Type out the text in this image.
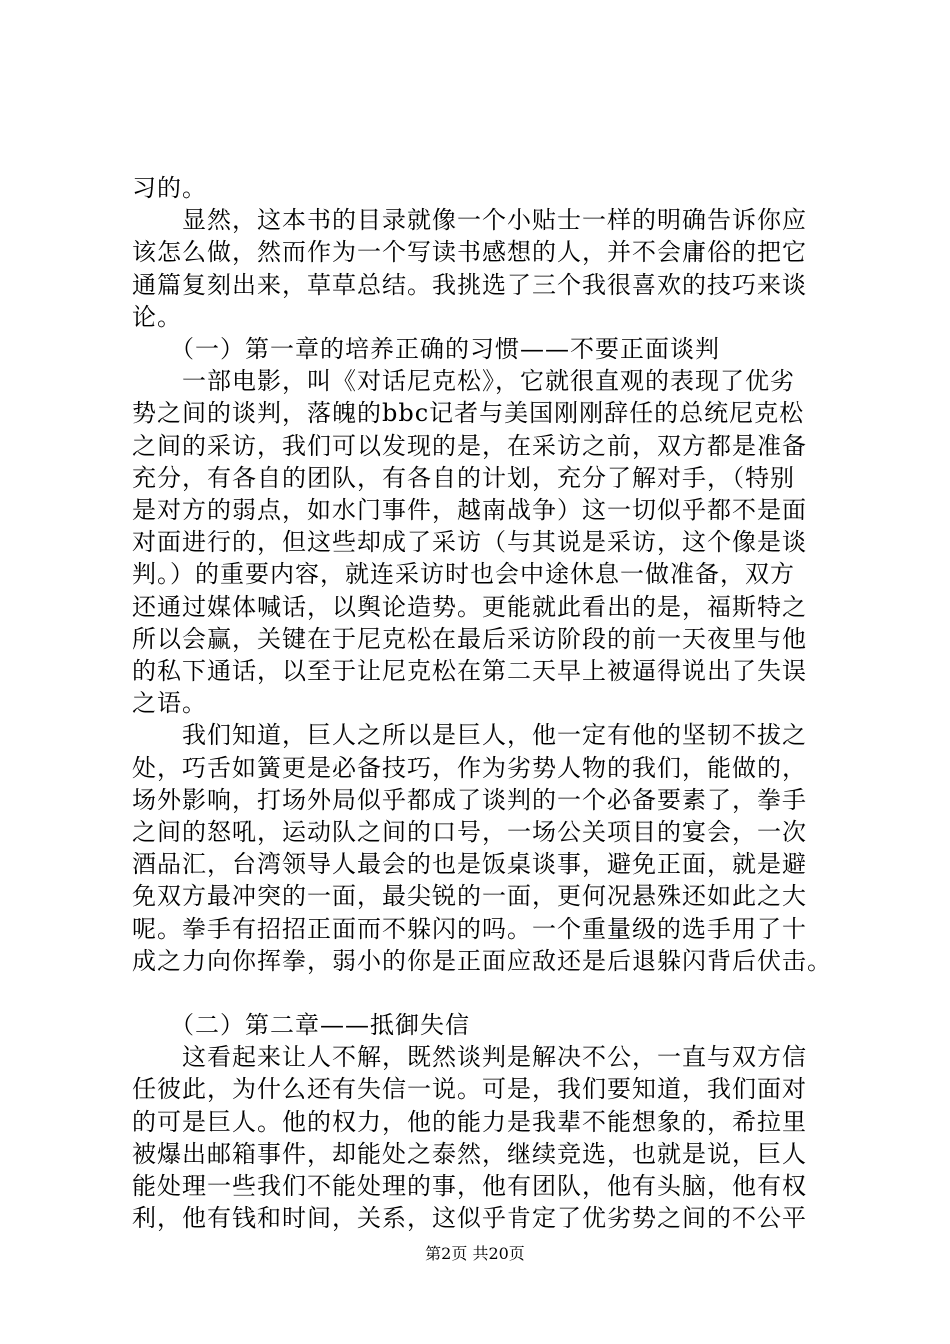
习的。
　　显然，这本书的目录就像一个小贴士一样的明确告诉你应
该怎么做，然而作为一个写读书感想的人，并不会庸俗的把它
通篇复刻出来，草草总结。我挑选了三个我很喜欢的技巧来谈
论。
　　（一）第一章的培养正确的习惯——不要正面谈判
　　一部电影，叫《对话尼克松》，它就很直观的表现了优劣
势之间的谈判，落魄的bbc记者与美国刚刚辞任的总统尼克松
之间的采访，我们可以发现的是，在采访之前，双方都是准备
充分，有各自的团队，有各自的计划，充分了解对手，（特别
是对方的弱点，如水门事件，越南战争）这一切似乎都不是面
对面进行的，但这些却成了采访（与其说是采访，这个像是谈
判。）的重要内容，就连采访时也会中途休息一做准备，双方
还通过媒体喊话，以舆论造势。更能就此看出的是，福斯特之
所以会赢，关键在于尼克松在最后采访阶段的前一天夜里与他
的私下通话，以至于让尼克松在第二天早上被逼得说出了失误
之语。
　　我们知道，巨人之所以是巨人，他一定有他的坚韧不拔之
处，巧舌如簧更是必备技巧，作为劣势人物的我们，能做的，
场外影响，打场外局似乎都成了谈判的一个必备要素了，拳手
之间的怒吼，运动队之间的口号，一场公关项目的宴会，一次
酒品汇，台湾领导人最会的也是饭桌谈事，避免正面，就是避
免双方最冲突的一面，最尖锐的一面，更何况悬殊还如此之大
呢。拳手有招招正面而不躲闪的吗。一个重量级的选手用了十
成之力向你挥拳，弱小的你是正面应敌还是后退躲闪背后伏击。
　　（二）第二章——抵御失信
　　这看起来让人不解，既然谈判是解决不公，一直与双方信
任彼此，为什么还有失信一说。可是，我们要知道，我们面对
的可是巨人。他的权力，他的能力是我辈不能想象的，希拉里
被爆出邮箱事件，却能处之泰然，继续竞选，也就是说，巨人
能处理一些我们不能处理的事，他有团队，他有头脑，他有权
利，他有钱和时间，关系，这似乎肯定了优劣势之间的不公平
第2页 共20页
